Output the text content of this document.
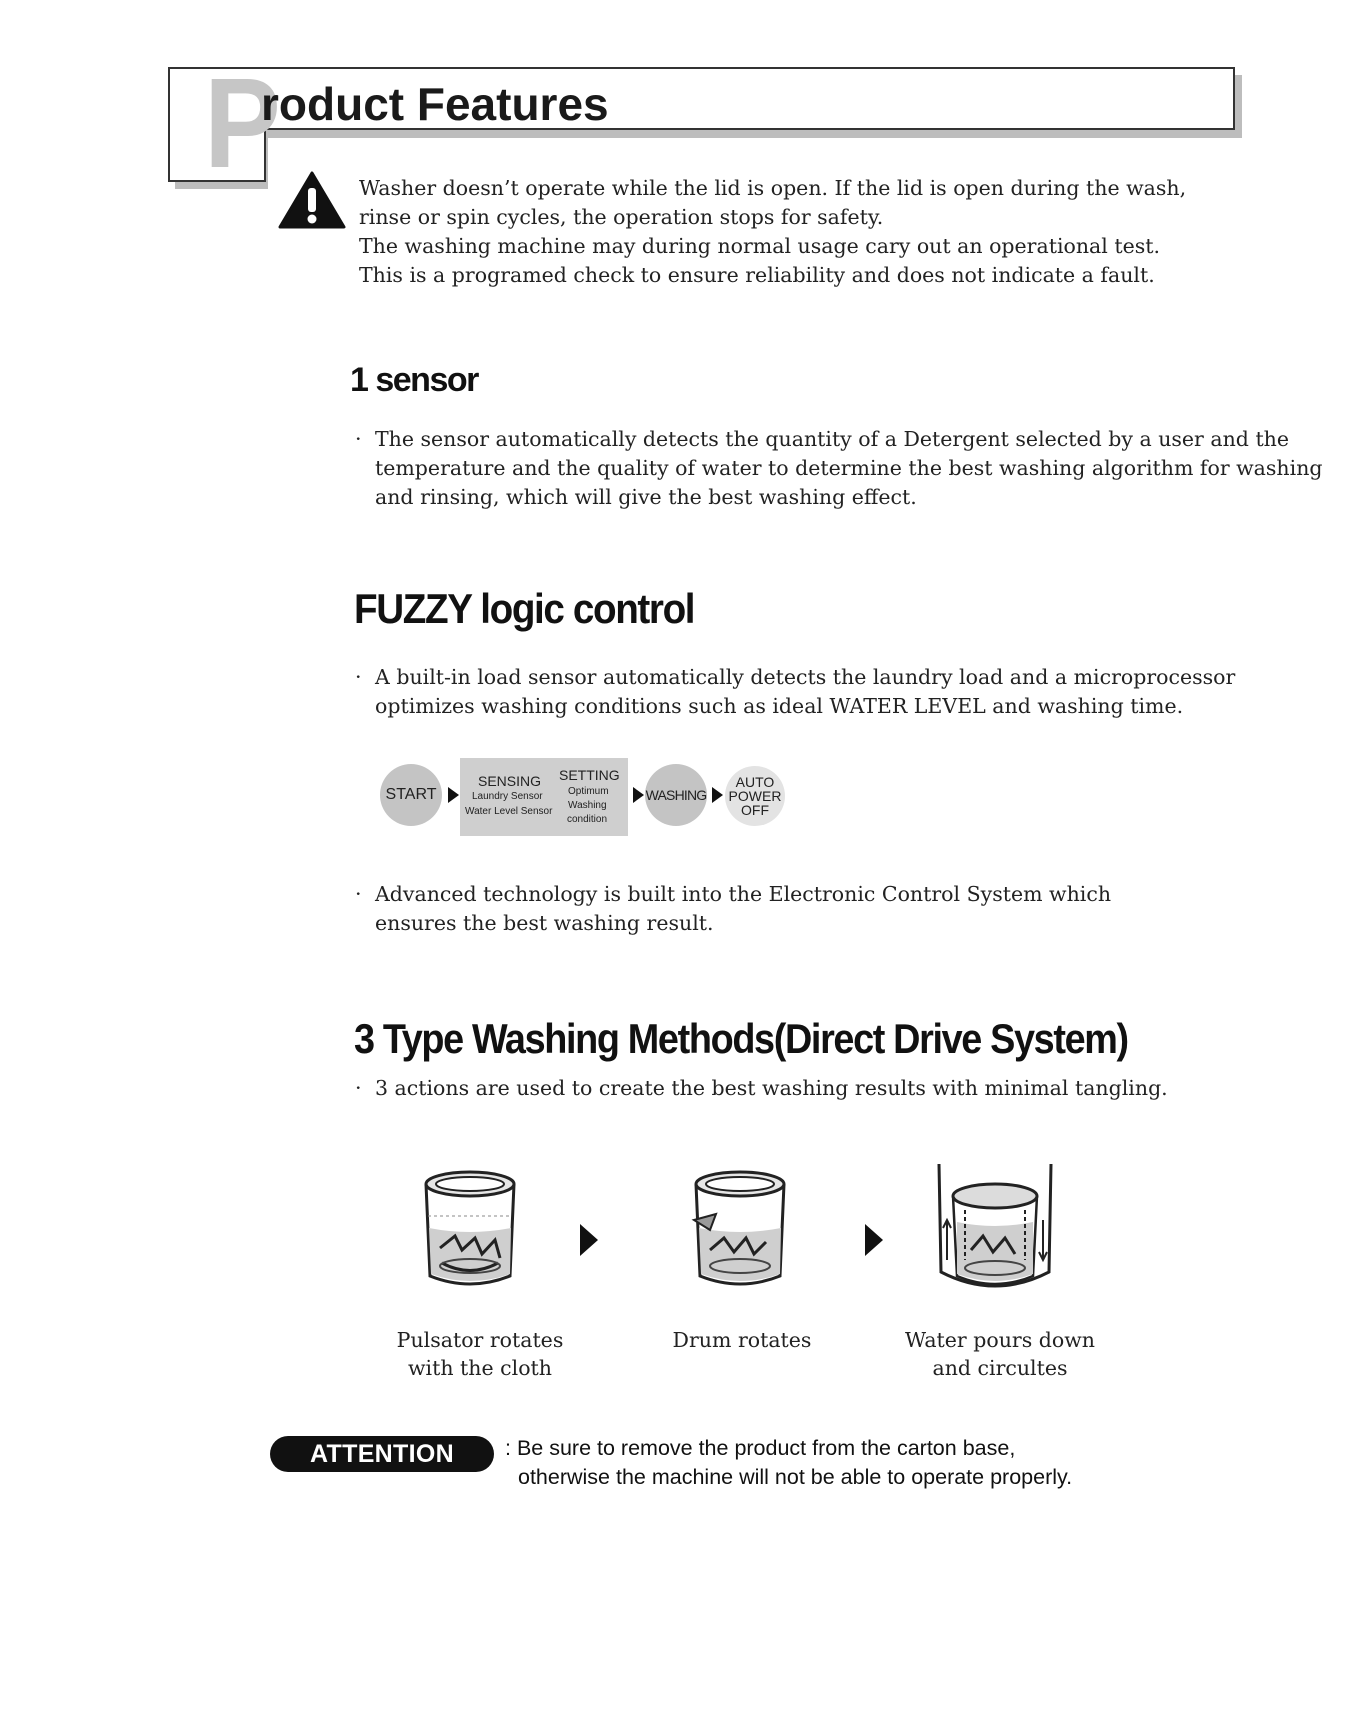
P
roduct Features
Washer doesn’t operate while the lid is open. If the lid is open during the wash,
rinse or spin cycles, the operation stops for safety.
The washing machine may during normal usage cary out an operational test.
This is a programed check to ensure reliability and does not indicate a fault.
1 sensor
· The sensor automatically detects the quantity of a Detergent selected by a user and the
temperature and the quality of water to determine the best washing algorithm for washing
and rinsing, which will give the best washing effect.
FUZZY logic control
· A built-in load sensor automatically detects the laundry load and a microprocessor
optimizes washing conditions such as ideal WATER LEVEL and washing time.
START
SENSING
Laundry Sensor
Water Level Sensor
SETTING
Optimum
Washing
condition
WASHING
AUTO
POWER
OFF
· Advanced technology is built into the Electronic Control System which
ensures the best washing result.
3 Type Washing Methods(Direct Drive System)
· 3 actions are used to create the best washing results with minimal tangling.
Pulsator rotates
with the cloth
Drum rotates	Water pours down
and circultes
ATTENTION	: Be sure to remove the product from the carton base,
otherwise the machine will not be able to operate properly.
